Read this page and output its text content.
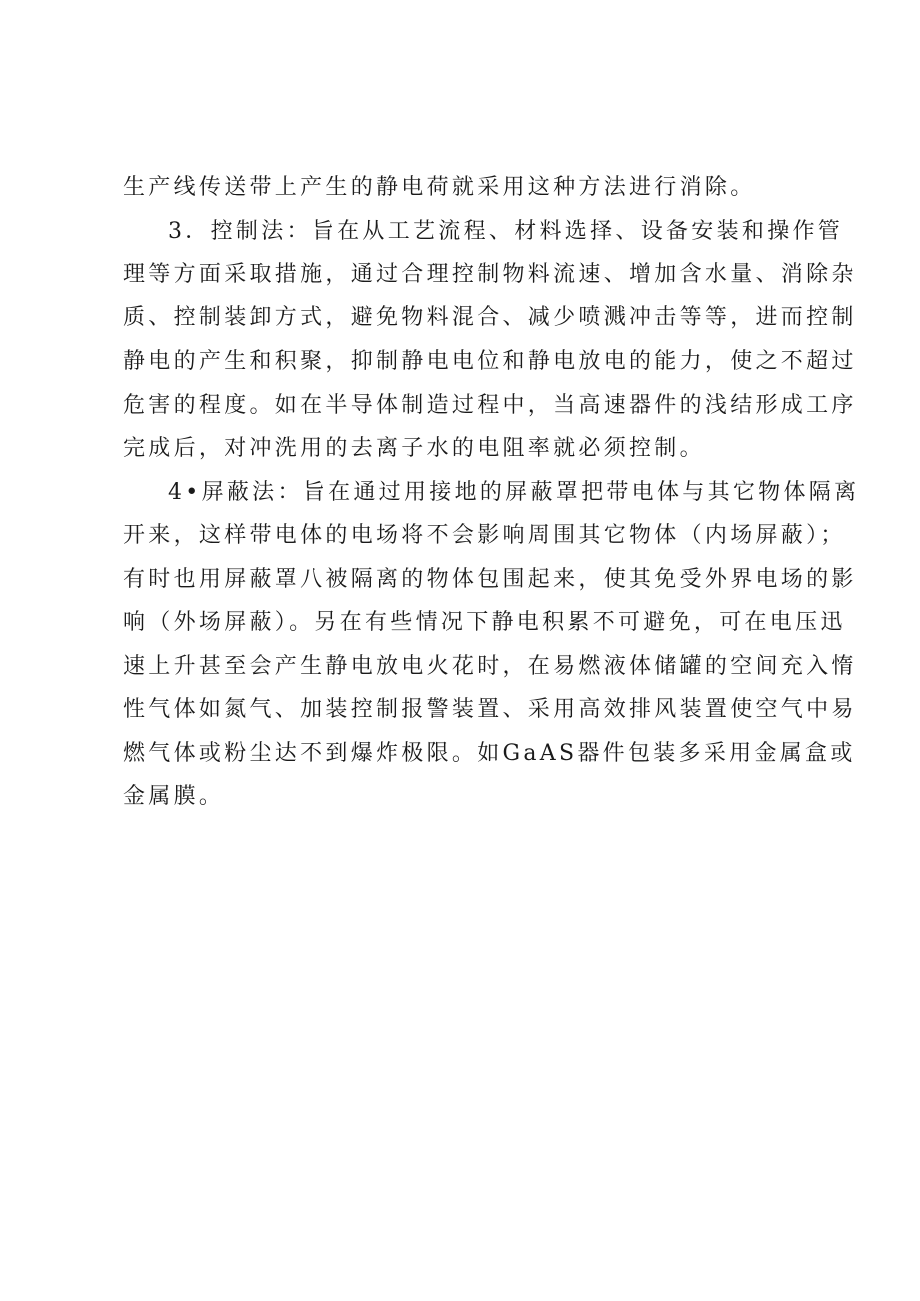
生产线传送带上产生的静电荷就采用这种方法进行消除。
3．控制法：旨在从工艺流程、材料选择、设备安装和操作管
理等方面采取措施，通过合理控制物料流速、增加含水量、消除杂
质、控制装卸方式，避免物料混合、减少喷溅冲击等等，进而控制
静电的产生和积聚，抑制静电电位和静电放电的能力，使之不超过
危害的程度。如在半导体制造过程中，当高速器件的浅结形成工序
完成后，对冲洗用的去离子水的电阻率就必须控制。
4•屏蔽法：旨在通过用接地的屏蔽罩把带电体与其它物体隔离
开来，这样带电体的电场将不会影响周围其它物体（内场屏蔽）；
有时也用屏蔽罩八被隔离的物体包围起来，使其免受外界电场的影
响（外场屏蔽）。另在有些情况下静电积累不可避免，可在电压迅
速上升甚至会产生静电放电火花时，在易燃液体储罐的空间充入惰
性气体如氮气、加装控制报警装置、采用高效排风装置使空气中易
燃气体或粉尘达不到爆炸极限。如GaAS器件包装多采用金属盒或
金属膜。
